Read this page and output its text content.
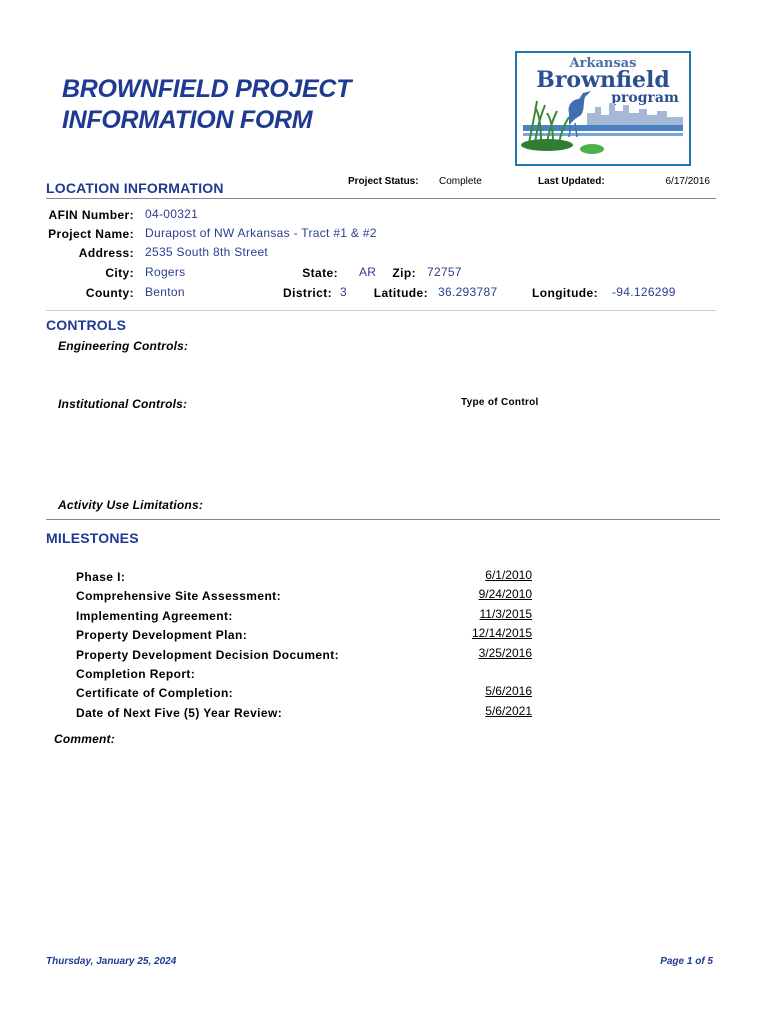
BROWNFIELD PROJECT
INFORMATION FORM
Arkansas
Brownfield
program
LOCATION INFORMATION	Project Status: Complete	Last Updated:	6/17/2016
AFIN Number: 04-00321
Project Name: Durapost of NW Arkansas - Tract #1 & #2
Address: 2535 South 8th Street
City: Rogers	State: AR	Zip: 72757
County: Benton	District: 3	Latitude: 36.293787	Longitude: -94.126299
CONTROLS
Engineering Controls:
Institutional Controls:	Type of Control
Activity Use Limitations:
MILESTONES
Phase I:	6/1/2010
Comprehensive Site Assessment:	9/24/2010
Implementing Agreement:	11/3/2015
Property Development Plan:	12/14/2015
Property Development Decision Document:	3/25/2016
Completion Report:
Certificate of Completion:	5/6/2016
Date of Next Five (5) Year Review:	5/6/2021
Comment:
Thursday, January 25, 2024	Page 1 of 5
